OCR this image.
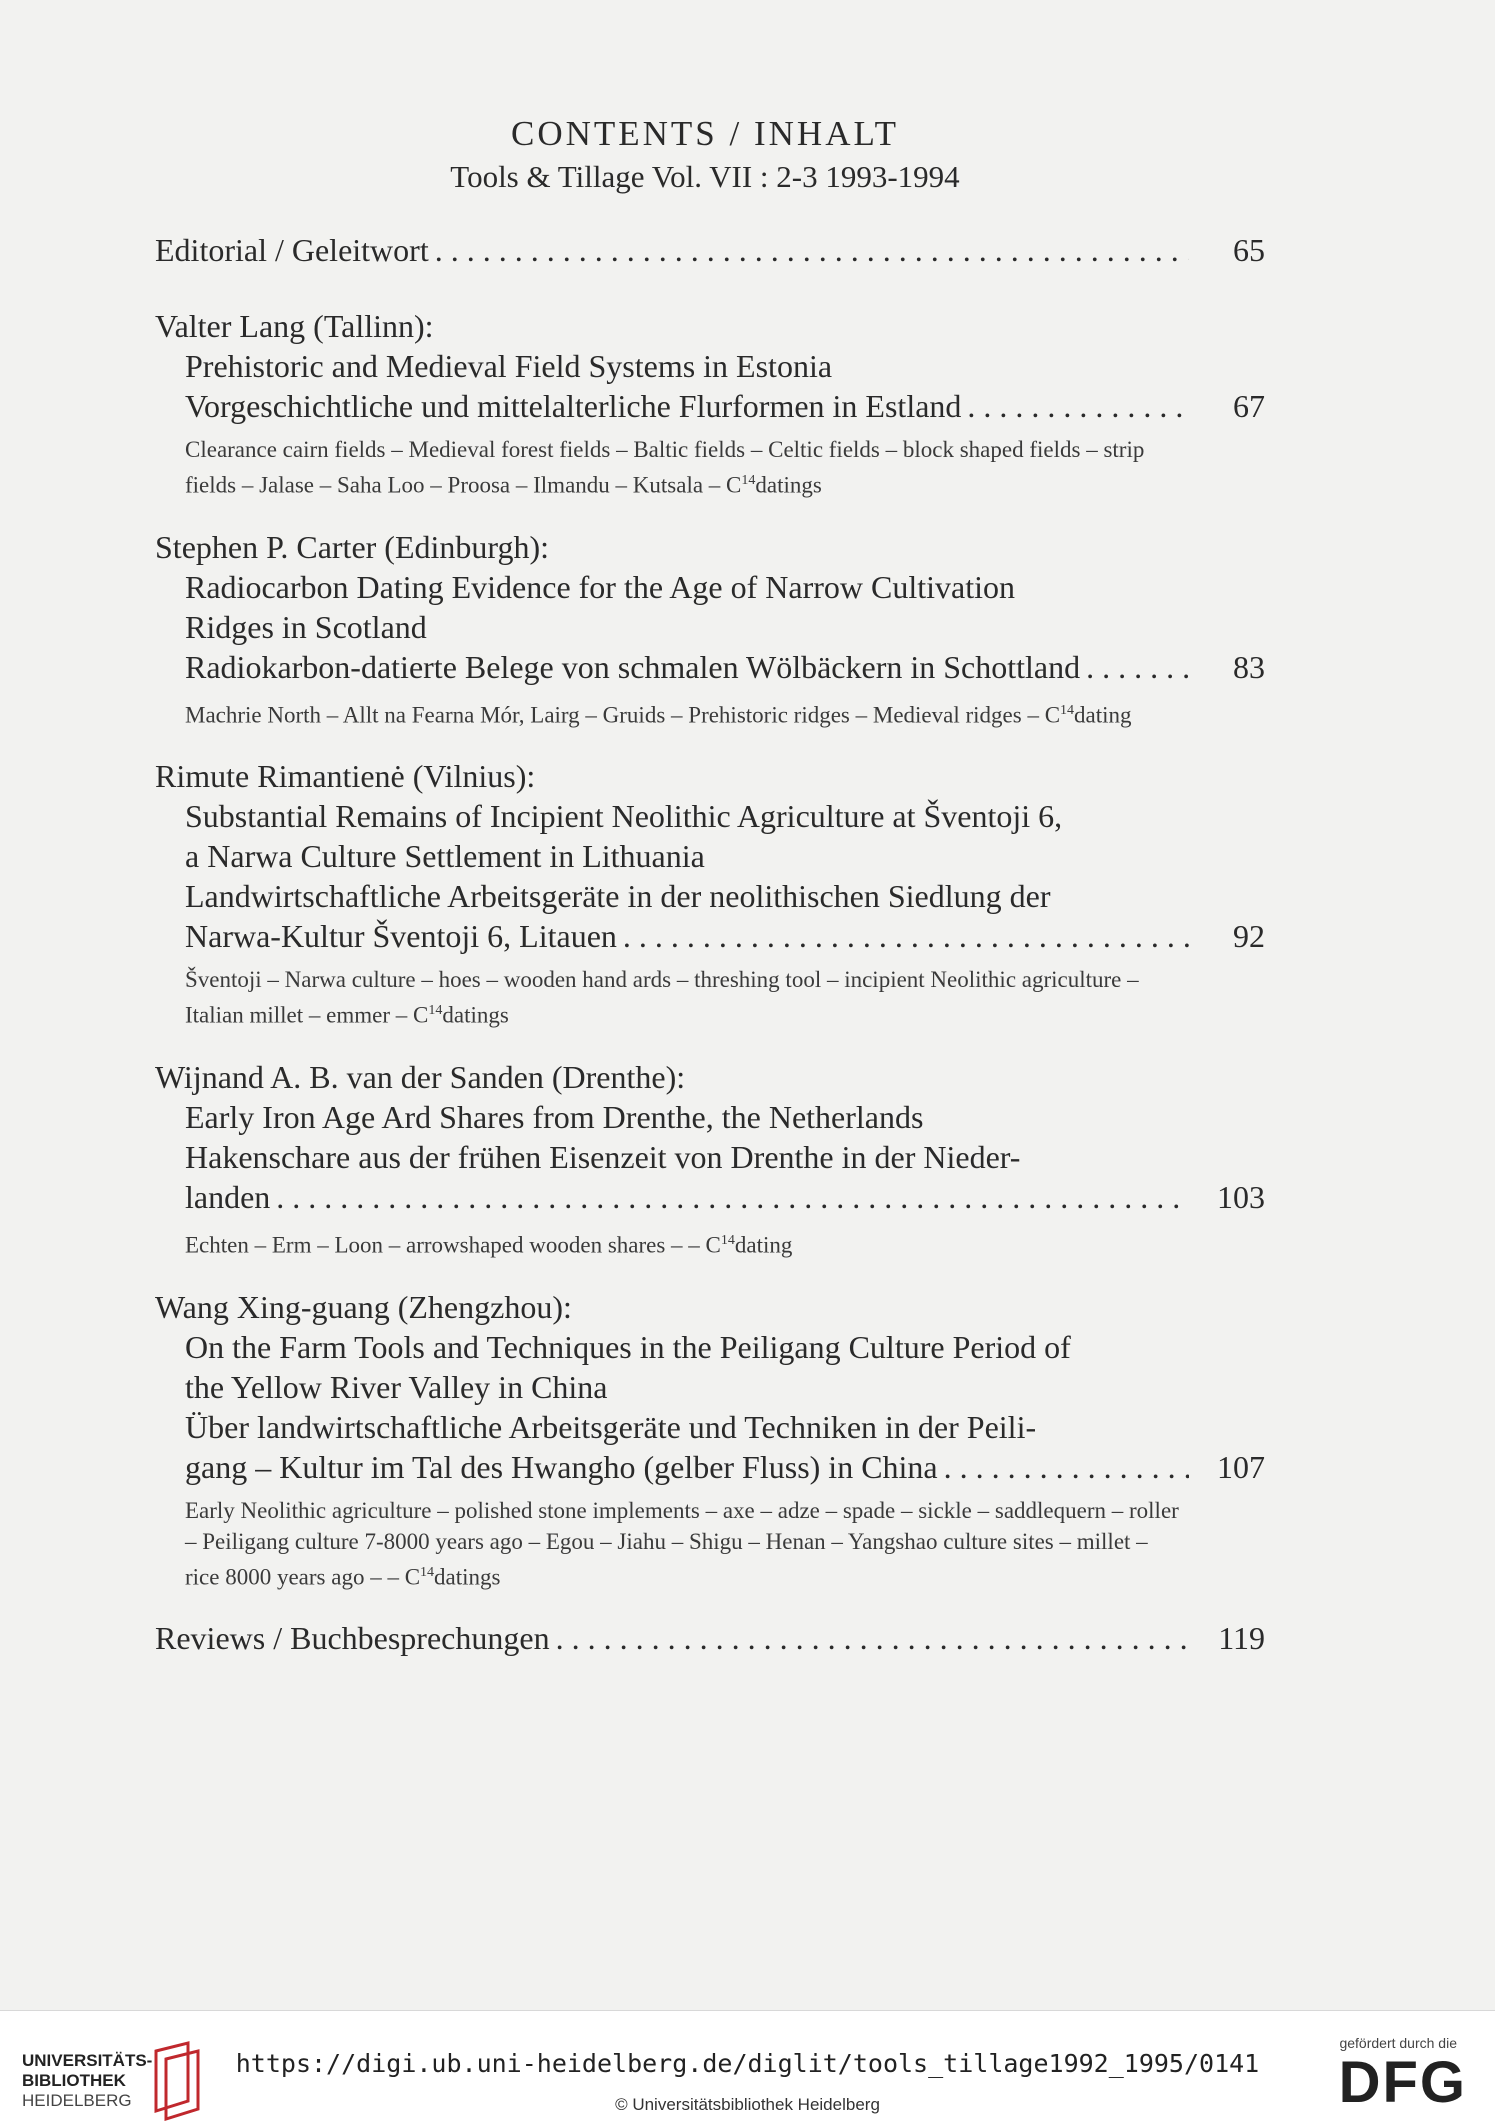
CONTENTS / INHALT
Tools & Tillage Vol. VII : 2-3 1993-1994
Editorial / Geleitwort . . .	65
Valter Lang (Tallinn):
Prehistoric and Medieval Field Systems in Estonia
Vorgeschichtliche und mittelalterliche Flurformen in Estland . . .	67
Clearance cairn fields – Medieval forest fields – Baltic fields – Celtic fields – block shaped fields – strip fields – Jalase – Saha Loo – Proosa – Ilmandu – Kutsala – $C^{14}datings$
Stephen P. Carter (Edinburgh):
Radiocarbon Dating Evidence for the Age of Narrow Cultivation
Ridges in Scotland
Radiokarbon-datierte Belege von schmalen Wölbäckern in Schottland . . .	83
Machrie North – Allt na Fearna Mór, Lairg – Gruids – Prehistoric ridges – Medieval ridges – $C^{14}dating$
Rimute Rimantienė (Vilnius):
Substantial Remains of Incipient Neolithic Agriculture at Šventoji 6,
a Narwa Culture Settlement in Lithuania
Landwirtschaftliche Arbeitsgeräte in der neolithischen Siedlung der
Narwa-Kultur Šventoji 6, Litauen . . .	92
Šventoji – Narwa culture – hoes – wooden hand ards – threshing tool – incipient Neolithic agriculture – Italian millet – emmer – $C^{14}datings$
Wijnand A. B. van der Sanden (Drenthe):
Early Iron Age Ard Shares from Drenthe, the Netherlands
Hakenschare aus der frühen Eisenzeit von Drenthe in der Nieder-
landen . . .	103
Echten – Erm – Loon – arrowshaped wooden shares – – $C^{14}dating$
Wang Xing-guang (Zhengzhou):
On the Farm Tools and Techniques in the Peiligang Culture Period of
the Yellow River Valley in China
Über landwirtschaftliche Arbeitsgeräte und Techniken in der Peili-
gang – Kultur im Tal des Hwangho (gelber Fluss) in China . . .	107
Early Neolithic agriculture – polished stone implements – axe – adze – spade – sickle – saddlequern – roller – Peiligang culture 7-8000 years ago – Egou – Jiahu – Shigu – Henan – Yangshao culture sites – millet – rice 8000 years ago – – $C^{14}datings$
Reviews / Buchbesprechungen . . .	119
UNIVERSITÄTS-
BIBLIOTHEK
HEIDELBERG
https://digi.ub.uni-heidelberg.de/diglit/tools_tillage1992_1995/0141
© Universitätsbibliothek Heidelberg
gefördert durch die
DFG
